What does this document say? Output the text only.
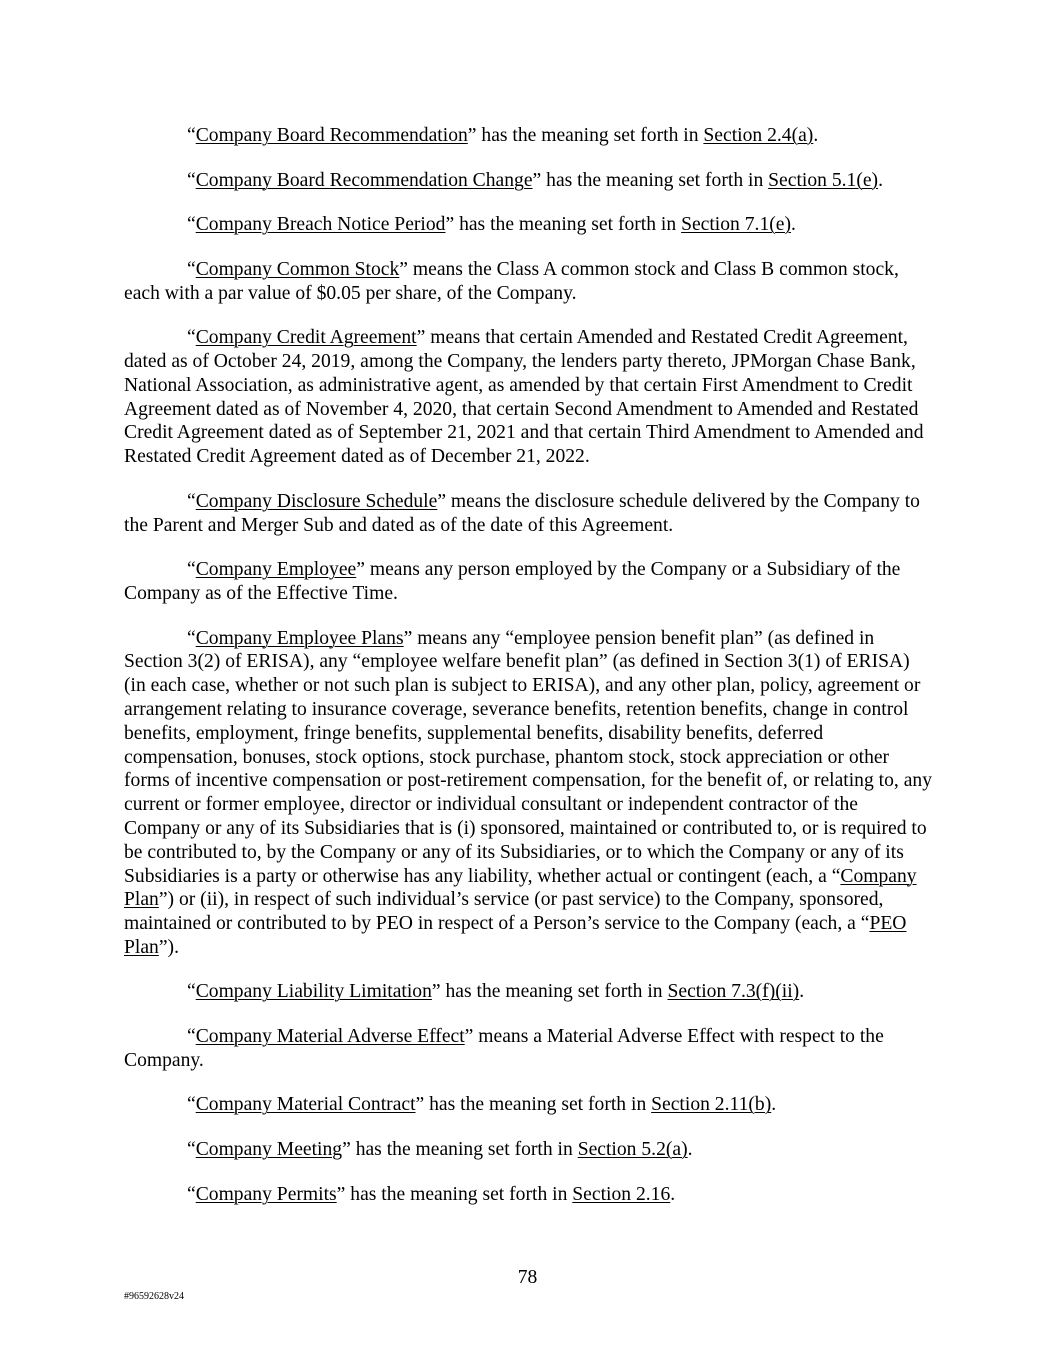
“Company Board Recommendation” has the meaning set forth in Section 2.4(a).

“Company Board Recommendation Change” has the meaning set forth in Section 5.1(e).

“Company Breach Notice Period” has the meaning set forth in Section 7.1(e).

“Company Common Stock” means the Class A common stock and Class B common stock, each with a par value of $0.05 per share, of the Company.

“Company Credit Agreement” means that certain Amended and Restated Credit Agreement, dated as of October 24, 2019, among the Company, the lenders party thereto, JPMorgan Chase Bank, National Association, as administrative agent, as amended by that certain First Amendment to Credit Agreement dated as of November 4, 2020, that certain Second Amendment to Amended and Restated Credit Agreement dated as of September 21, 2021 and that certain Third Amendment to Amended and Restated Credit Agreement dated as of December 21, 2022.

“Company Disclosure Schedule” means the disclosure schedule delivered by the Company to the Parent and Merger Sub and dated as of the date of this Agreement.

“Company Employee” means any person employed by the Company or a Subsidiary of the Company as of the Effective Time.

“Company Employee Plans” means any “employee pension benefit plan” (as defined in Section 3(2) of ERISA), any “employee welfare benefit plan” (as defined in Section 3(1) of ERISA) (in each case, whether or not such plan is subject to ERISA), and any other plan, policy, agreement or arrangement relating to insurance coverage, severance benefits, retention benefits, change in control benefits, employment, fringe benefits, supplemental benefits, disability benefits, deferred compensation, bonuses, stock options, stock purchase, phantom stock, stock appreciation or other forms of incentive compensation or post-retirement compensation, for the benefit of, or relating to, any current or former employee, director or individual consultant or independent contractor of the Company or any of its Subsidiaries that is (i) sponsored, maintained or contributed to, or is required to be contributed to, by the Company or any of its Subsidiaries, or to which the Company or any of its Subsidiaries is a party or otherwise has any liability, whether actual or contingent (each, a “Company Plan”) or (ii), in respect of such individual’s service (or past service) to the Company, sponsored, maintained or contributed to by PEO in respect of a Person’s service to the Company (each, a “PEO Plan”).

“Company Liability Limitation” has the meaning set forth in Section 7.3(f)(ii).

“Company Material Adverse Effect” means a Material Adverse Effect with respect to the Company.

“Company Material Contract” has the meaning set forth in Section 2.11(b).

“Company Meeting” has the meaning set forth in Section 5.2(a).

“Company Permits” has the meaning set forth in Section 2.16.

78
#96592628v24
